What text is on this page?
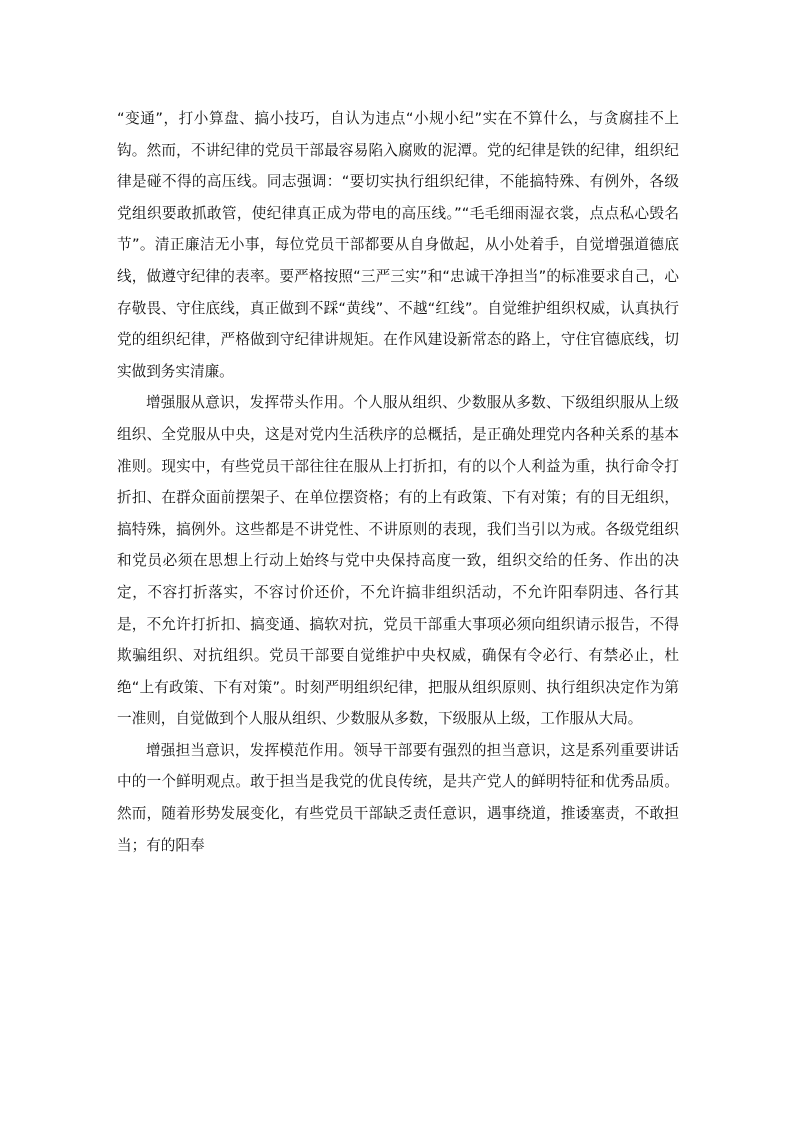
“变通”，打小算盘、搞小技巧，自认为违点“小规小纪”实在不算什么，与贪腐挂不上钩。然而，不讲纪律的党员干部最容易陷入腐败的泥潭。党的纪律是铁的纪律，组织纪律是碰不得的高压线。同志强调：“要切实执行组织纪律，不能搞特殊、有例外，各级党组织要敢抓敢管，使纪律真正成为带电的高压线。”“毛毛细雨湿衣裳，点点私心毁名节”。清正廉洁无小事，每位党员干部都要从自身做起，从小处着手，自觉增强道德底线，做遵守纪律的表率。要严格按照“三严三实”和“忠诚干净担当”的标准要求自己，心存敬畏、守住底线，真正做到不踩“黄线”、不越“红线”。自觉维护组织权威，认真执行党的组织纪律，严格做到守纪律讲规矩。在作风建设新常态的路上，守住官德底线，切实做到务实清廉。

增强服从意识，发挥带头作用。个人服从组织、少数服从多数、下级组织服从上级组织、全党服从中央，这是对党内生活秩序的总概括，是正确处理党内各种关系的基本准则。现实中，有些党员干部往往在服从上打折扣，有的以个人利益为重，执行命令打折扣、在群众面前摆架子、在单位摆资格；有的上有政策、下有对策；有的目无组织，搞特殊，搞例外。这些都是不讲党性、不讲原则的表现，我们当引以为戒。各级党组织和党员必须在思想上行动上始终与党中央保持高度一致，组织交给的任务、作出的决定，不容打折落实，不容讨价还价，不允许搞非组织活动，不允许阳奉阴违、各行其是，不允许打折扣、搞变通、搞软对抗，党员干部重大事项必须向组织请示报告，不得欺骗组织、对抗组织。党员干部要自觉维护中央权威，确保有令必行、有禁必止，杜绝“上有政策、下有对策”。时刻严明组织纪律，把服从组织原则、执行组织决定作为第一准则，自觉做到个人服从组织、少数服从多数，下级服从上级，工作服从大局。

增强担当意识，发挥模范作用。领导干部要有强烈的担当意识，这是系列重要讲话中的一个鲜明观点。敢于担当是我党的优良传统，是共产党人的鲜明特征和优秀品质。然而，随着形势发展变化，有些党员干部缺乏责任意识，遇事绕道，推诿塞责，不敢担当；有的阳奉
